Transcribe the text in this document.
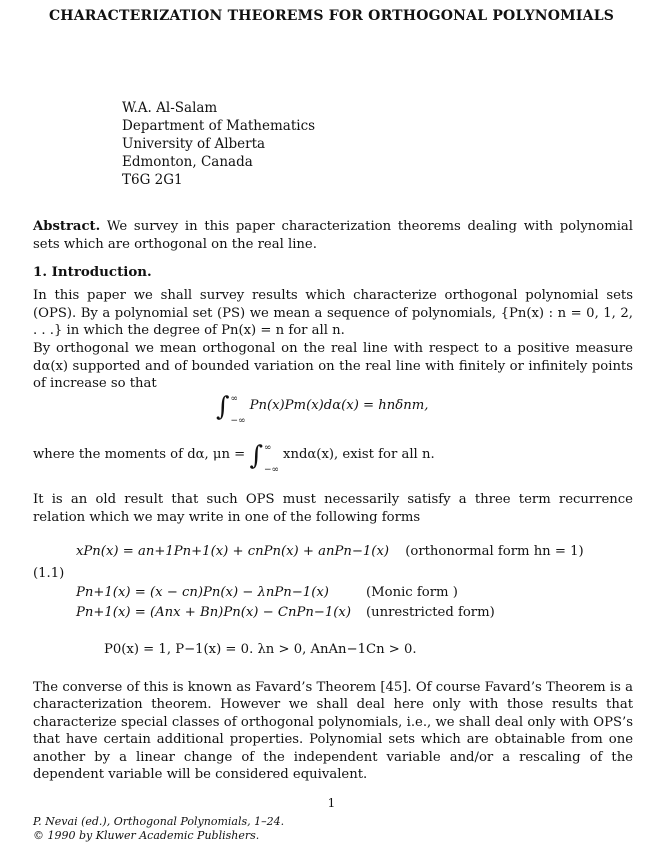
CHARACTERIZATION THEOREMS FOR ORTHOGONAL POLYNOMIALS
W.A. Al-Salam
Department of Mathematics
University of Alberta
Edmonton, Canada
T6G 2G1
Abstract. We survey in this paper characterization theorems dealing with polynomial sets which are orthogonal on the real line.
1. Introduction.
In this paper we shall survey results which characterize orthogonal polynomial sets (OPS). By a polynomial set (PS) we mean a sequence of polynomials, {Pn(x) : n = 0, 1, 2, . . .} in which the degree of Pn(x) = n for all n.
By orthogonal we mean orthogonal on the real line with respect to a positive measure dα(x) supported and of bounded variation on the real line with finitely or infinitely points of increase so that
∫ ∞
−∞
Pn(x)Pm(x)dα(x) = hnδnm,
where the moments of dα, μn = ∫ ∞
−∞
xndα(x), exist for all n.
It is an old result that such OPS must necessarily satisfy a three term recurrence relation which we may write in one of the following forms
xPn(x) = an+1Pn+1(x) + cnPn(x) + anPn−1(x) (orthonormal form hn = 1)
(1.1)
Pn+1(x) = (x − cn)Pn(x) − λnPn−1(x)	(Monic form )
Pn+1(x) = (Anx + Bn)Pn(x) − CnPn−1(x) (unrestricted form)
P0(x) = 1, P−1(x) = 0. λn > 0, AnAn−1Cn > 0.
The converse of this is known as Favard’s Theorem [45]. Of course Favard’s Theorem is a characterization theorem. However we shall deal here only with those results that characterize special classes of orthogonal polynomials, i.e., we shall deal only with OPS’s that have certain additional properties. Polynomial sets which are obtainable from one another by a linear change of the independent variable and/or a rescaling of the dependent variable will be considered equivalent.
1
P. Nevai (ed.), Orthogonal Polynomials, 1–24.
© 1990 by Kluwer Academic Publishers.
